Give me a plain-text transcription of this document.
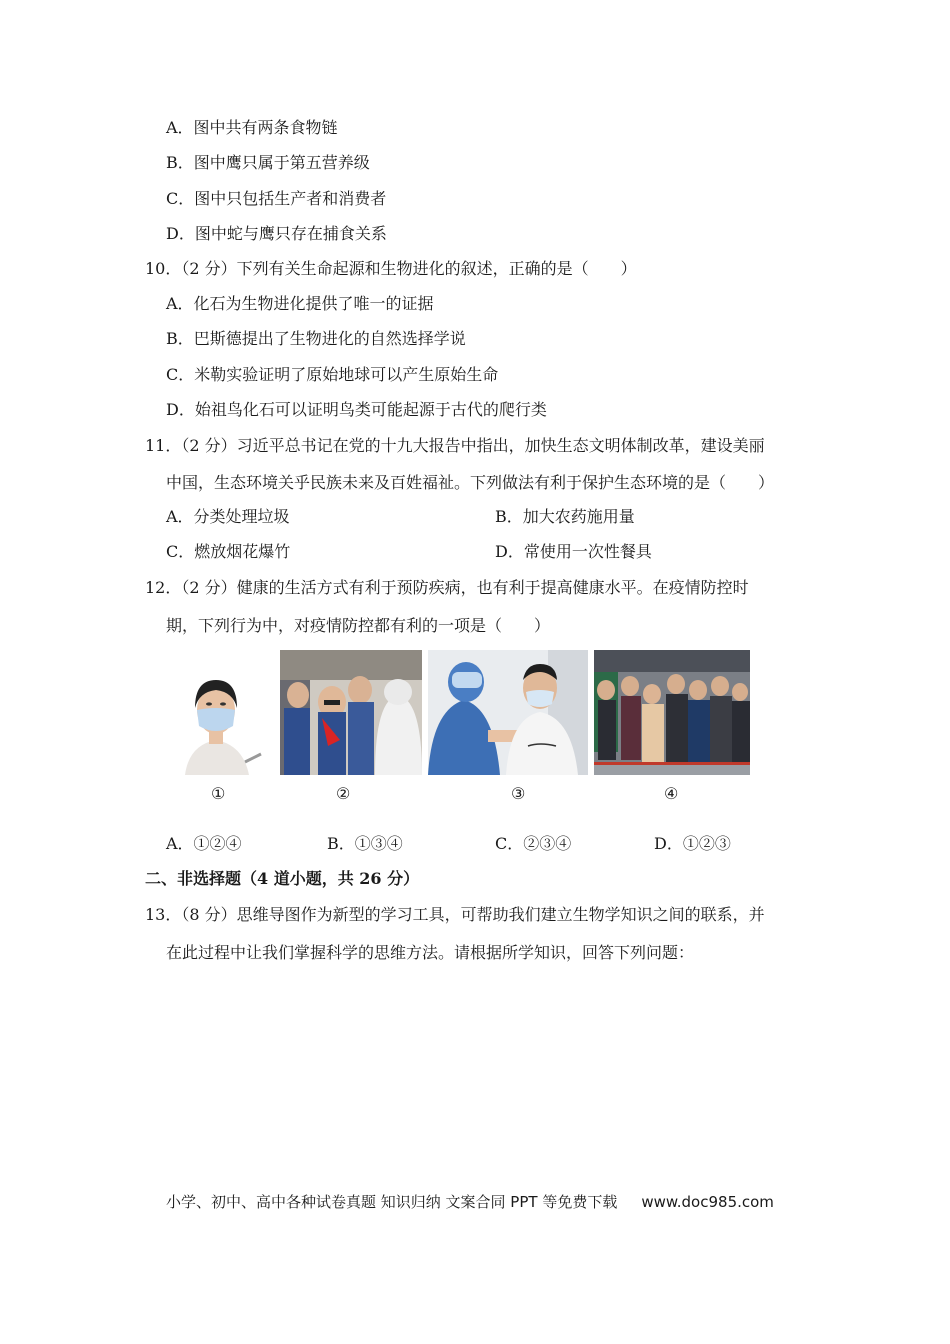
A．图中共有两条食物链
B．图中鹰只属于第五营养级
C．图中只包括生产者和消费者
D．图中蛇与鹰只存在捕食关系
10．（2 分）下列有关生命起源和生物进化的叙述，正确的是（　　）
A．化石为生物进化提供了唯一的证据
B．巴斯德提出了生物进化的自然选择学说
C．米勒实验证明了原始地球可以产生原始生命
D．始祖鸟化石可以证明鸟类可能起源于古代的爬行类
11．（2 分）习近平总书记在党的十九大报告中指出，加快生态文明体制改革，建设美丽
中国，生态环境关乎民族未来及百姓福祉。下列做法有利于保护生态环境的是（　　）
A．分类处理垃圾	B．加大农药施用量
C．燃放烟花爆竹	D．常使用一次性餐具
12．（2 分）健康的生活方式有利于预防疾病，也有利于提高健康水平。在疫情防控时
期，下列行为中，对疫情防控都有利的一项是（　　）
①	②	③	④
A．①②④	B．①③④	C．②③④	D．①②③
二、非选择题（4 道小题，共 26 分）
13．（8 分）思维导图作为新型的学习工具，可帮助我们建立生物学知识之间的联系，并
在此过程中让我们掌握科学的思维方法。请根据所学知识，回答下列问题：
小学、初中、高中各种试卷真题 知识归纳 文案合同 PPT 等免费下载 www.doc985.com
